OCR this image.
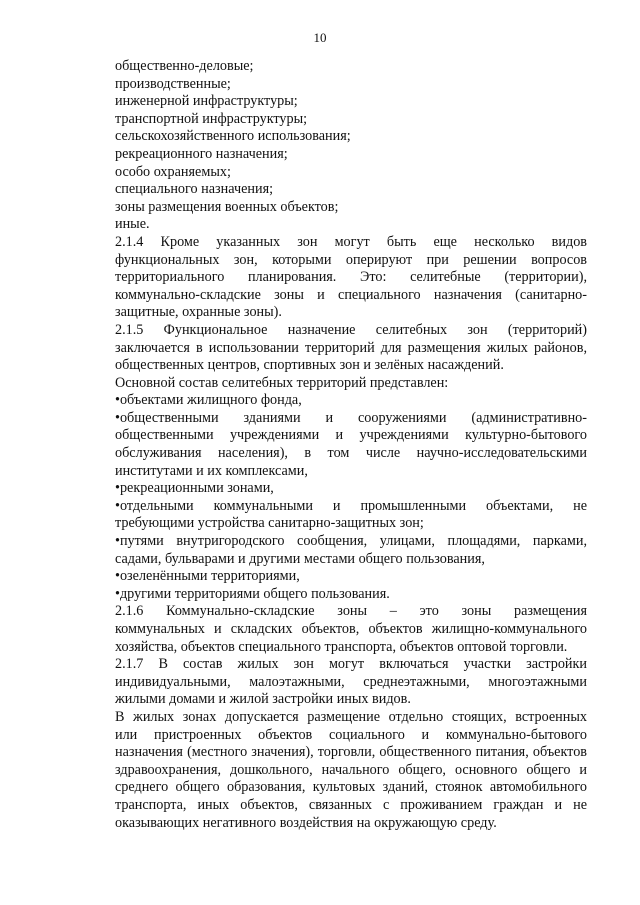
10
общественно-деловые;
производственные;
инженерной инфраструктуры;
транспортной инфраструктуры;
сельскохозяйственного использования;
рекреационного назначения;
особо охраняемых;
специального назначения;
зоны размещения военных объектов;
иные.
2.1.4 Кроме указанных зон могут быть еще несколько видов
функциональных зон, которыми оперируют при решении вопросов
территориального планирования. Это: селитебные (территории),
коммунально-складские зоны и специального назначения (санитарно-
защитные, охранные зоны).
2.1.5 Функциональное назначение селитебных зон (территорий)
заключается в использовании территорий для размещения жилых районов,
общественных центров, спортивных зон и зелёных насаждений.
Основной состав селитебных территорий представлен:
•объектами жилищного фонда,
•общественными зданиями и сооружениями (административно-
общественными учреждениями и учреждениями культурно-бытового
обслуживания населения), в том числе научно-исследовательскими
институтами и их комплексами,
•рекреационными зонами,
•отдельными коммунальными и промышленными объектами, не
требующими устройства санитарно-защитных зон;
•путями внутригородского сообщения, улицами, площадями, парками,
садами, бульварами и другими местами общего пользования,
•озеленёнными территориями,
•другими территориями общего пользования.
2.1.6 Коммунально-складские зоны – это зоны размещения
коммунальных и складских объектов, объектов жилищно-коммунального
хозяйства, объектов специального транспорта, объектов оптовой торговли.
2.1.7 В состав жилых зон могут включаться участки застройки
индивидуальными, малоэтажными, среднеэтажными, многоэтажными
жилыми домами и жилой застройки иных видов.
В жилых зонах допускается размещение отдельно стоящих, встроенных
или пристроенных объектов социального и коммунально-бытового
назначения (местного значения), торговли, общественного питания, объектов
здравоохранения, дошкольного, начального общего, основного общего и
среднего общего образования, культовых зданий, стоянок автомобильного
транспорта, иных объектов, связанных с проживанием граждан и не
оказывающих негативного воздействия на окружающую среду.
